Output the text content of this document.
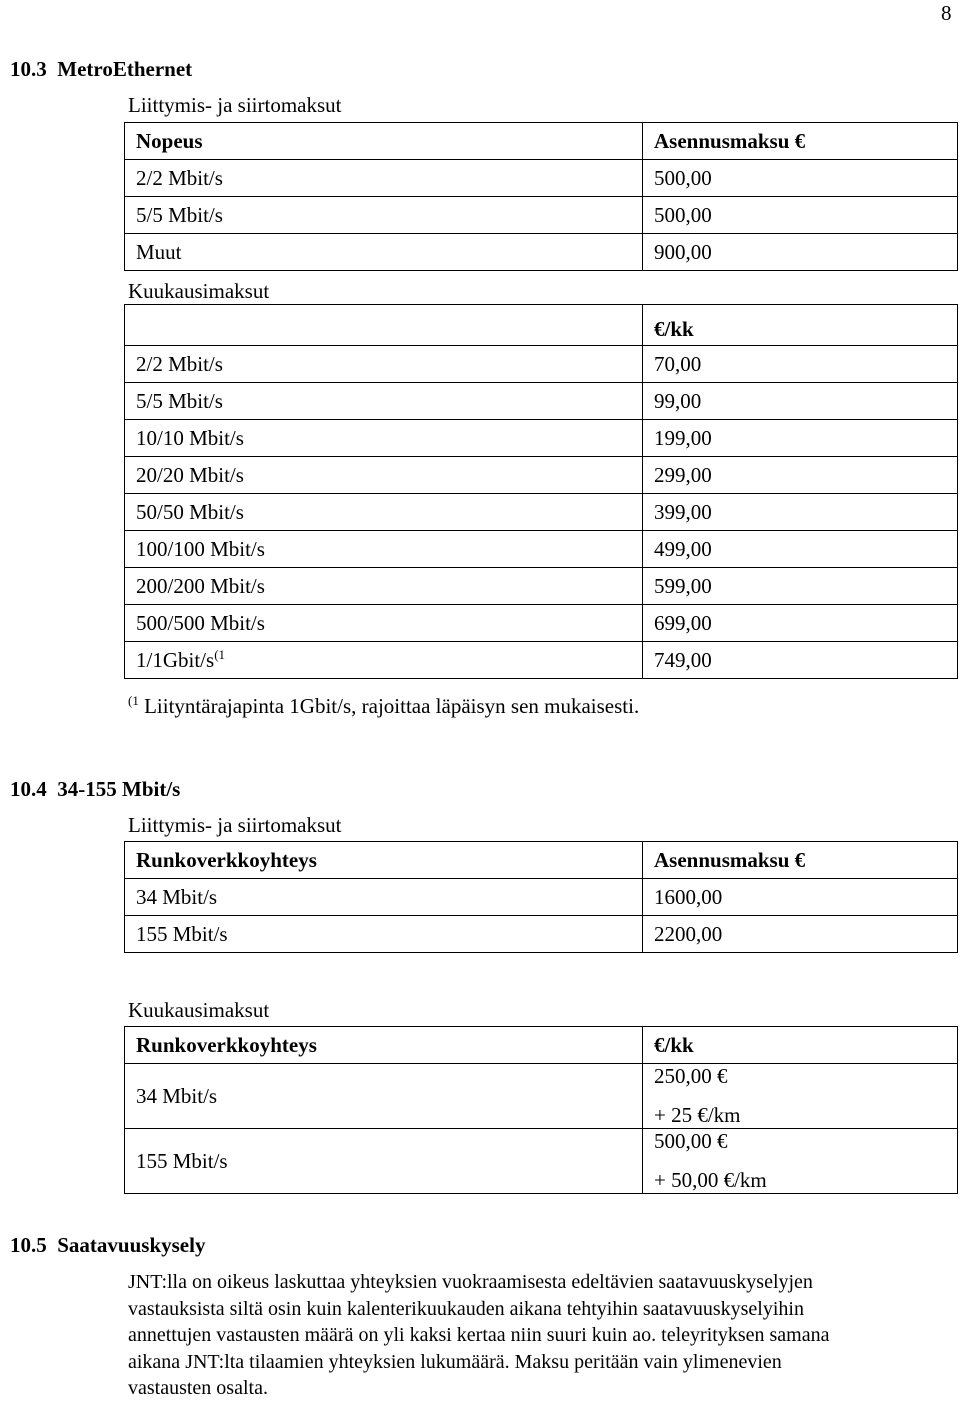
8
10.3 MetroEthernet
Liittymis- ja siirtomaksut
Nopeus	Asennusmaksu €
2/2 Mbit/s	500,00
5/5 Mbit/s	500,00
Muut	900,00
Kuukausimaksut
	€/kk
2/2 Mbit/s	70,00
5/5 Mbit/s	99,00
10/10 Mbit/s	199,00
20/20 Mbit/s	299,00
50/50 Mbit/s	399,00
100/100 Mbit/s	499,00
200/200 Mbit/s	599,00
500/500 Mbit/s	699,00
$1/1Gbit/s^{(1}$	749,00
$^{(1}$ Liityntärajapinta 1Gbit/s, rajoittaa läpäisyn sen mukaisesti.
10.4 34-155 Mbit/s
Liittymis- ja siirtomaksut
Runkoverkkoyhteys	Asennusmaksu €
34 Mbit/s	1600,00
155 Mbit/s	2200,00
Kuukausimaksut
Runkoverkkoyhteys	€/kk
34 Mbit/s	250,00 €
+ 25 €/km

155 Mbit/s	500,00 €
+ 50,00 €/km
10.5 Saatavuuskysely
JNT:lla on oikeus laskuttaa yhteyksien vuokraamisesta edeltävien saatavuuskyselyjen
vastauksista siltä osin kuin kalenterikuukauden aikana tehtyihin saatavuuskyselyihin
annettujen vastausten määrä on yli kaksi kertaa niin suuri kuin ao. teleyrityksen samana
aikana JNT:lta tilaamien yhteyksien lukumäärä. Maksu peritään vain ylimenevien
vastausten osalta.
